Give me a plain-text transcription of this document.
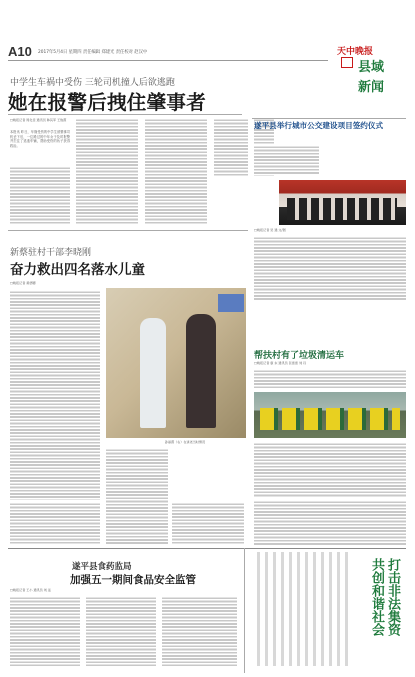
A10 2017年5月4日 星期四 责任编辑 郑建光 责任校对 赵汉中	天中晚报
县域
新闻
中学生车祸中受伤 三轮司机撞人后欲逃跑
她在报警后拽住肇事者
□晚报记者 周化佳 通讯员 韩其军 王俊霞
本报讯 昨日，车祸受伤的中学生被肇事司机丢下后，一位路过的中年女子及时报警并拦住了逃逸车辆，帮助受伤的孩子获得救治。
遂平县举行城市公交建设项目签约仪式
□晚报记者 吴 通 文/图
帮扶村有了垃圾清运车
□晚报记者 康 东 通讯员 张雷雷 刘 丹
新蔡驻村干部李晓刚
奋力救出四名落水儿童
□晚报记者 黄德卿
孙丽霞（右）在讲述当时情况
遂平县食药监局
加强五一期间食品安全监管
□晚报记者 王小 通讯员 刘 远	打击非法集资
共创和谐社会
